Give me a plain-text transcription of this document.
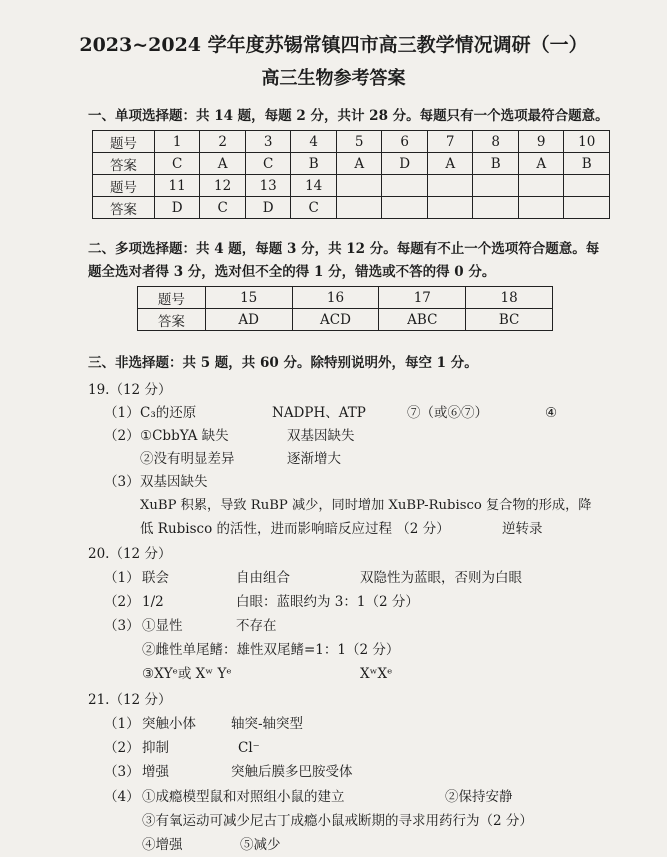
2023~2024 学年度苏锡常镇四市高三教学情况调研（一）
高三生物参考答案
一、单项选择题：共 14 题，每题 2 分，共计 28 分。每题只有一个选项最符合题意。
题号	1	2	3	4	5	6	7	8	9	10
答案	C	A	C	B	A	D	A	B	A	B
题号	11	12	13	14						
答案	D	C	D	C						
二、多项选择题：共 4 题，每题 3 分，共 12 分。每题有不止一个选项符合题意。每
题全选对者得 3 分，选对但不全的得 1 分，错选或不答的得 0 分。
题号	15	16	17	18
答案	AD	ACD	ABC	BC
三、非选择题：共 5 题，共 60 分。除特别说明外，每空 1 分。
19.（12 分）
（1） C₃的还原	NADPH、ATP	⑦（或⑥⑦）	④
（2） ①CbbYA 缺失	双基因缺失
②没有明显差异	逐渐增大
（3） 双基因缺失
XuBP 积累，导致 RuBP 减少，同时增加 XuBP-Rubisco 复合物的形成，降
低 Rubisco 的活性，进而影响暗反应过程 （2 分）	逆转录
20.（12 分）
（1） 联会	自由组合	双隐性为蓝眼，否则为白眼
（2） 1/2	白眼：蓝眼约为 3：1（2 分）
（3） ①显性	不存在
②雌性单尾鳍：雄性双尾鳍=1：1（2 分）
③XYᵉ或 Xʷ Yᵉ	XʷXᵉ
21.（12 分）
（1） 突触小体	轴突-轴突型
（2） 抑制	Cl⁻
（3） 增强	突触后膜多巴胺受体
（4） ①成瘾模型鼠和对照组小鼠的建立	②保持安静
③有氧运动可减少尼古丁成瘾小鼠戒断期的寻求用药行为（2 分）
④增强	⑤减少
